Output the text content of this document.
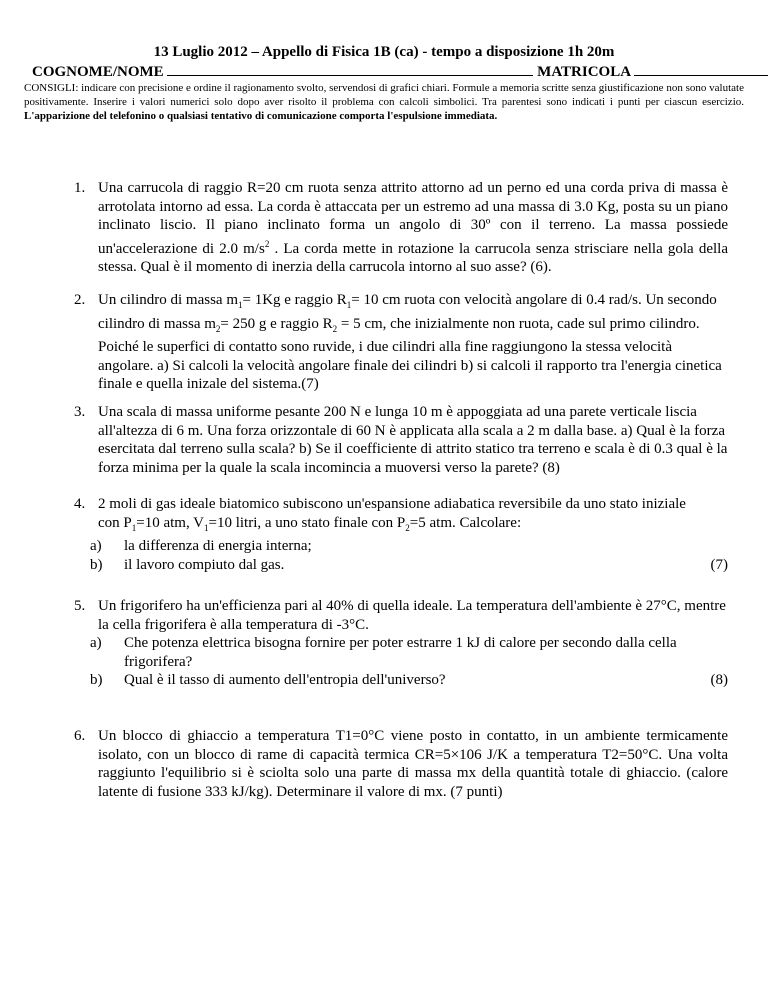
13 Luglio 2012 – Appello di Fisica 1B (ca) - tempo a disposizione 1h 20m
COGNOME/NOME	MATRICOLA
CONSIGLI: indicare con precisione e ordine il ragionamento svolto, servendosi di grafici chiari. Formule a memoria scritte senza giustificazione non sono valutate positivamente. Inserire i valori numerici solo dopo aver risolto il problema con calcoli simbolici. Tra parentesi sono indicati i punti per ciascun esercizio. L'apparizione del telefonino o qualsiasi tentativo di comunicazione comporta l'espulsione immediata.
1. Una carrucola di raggio R=20 cm ruota senza attrito attorno ad un perno ed una corda priva di massa è arrotolata intorno ad essa. La corda è attaccata per un estremo ad una massa di 3.0 Kg, posta su un piano inclinato liscio. Il piano inclinato forma un angolo di 30º con il terreno. La massa possiede un'accelerazione di 2.0 $m/s^2$ . La corda mette in rotazione la carrucola senza strisciare nella gola della stessa. Qual è il momento di inerzia della carrucola intorno al suo asse? (6).
2. Un cilindro di massa $m_1= 1Kg$ e raggio $R_1= 10$ cm ruota con velocità angolare di 0.4 rad/s. Un secondo cilindro di massa $m_2= 250$ g e raggio $R_2 = 5$ cm, che inizialmente non ruota, cade sul primo cilindro. Poiché le superfici di contatto sono ruvide, i due cilindri alla fine raggiungono la stessa velocità angolare. a) Si calcoli la velocità angolare finale dei cilindri b) si calcoli il rapporto tra l'energia cinetica finale e quella inizale del sistema.(7)
3. Una scala di massa uniforme pesante 200 N e lunga 10 m è appoggiata ad una parete verticale liscia all'altezza di 6 m. Una forza orizzontale di 60 N è applicata alla scala a 2 m dalla base. a) Qual è la forza esercitata dal terreno sulla scala? b) Se il coefficiente di attrito statico tra terreno e scala è di 0.3 qual è la forza minima per la quale la scala incomincia a muoversi verso la parete? (8)
4. 2 moli di gas ideale biatomico subiscono un'espansione adiabatica reversibile da uno stato iniziale
con $P_1=10$ atm, $V_1=10$ litri, a uno stato finale con $P_2=5$ atm. Calcolare:
a) la differenza di energia interna;
b) il lavoro compiuto dal gas.	(7)
5. Un frigorifero ha un'efficienza pari al 40% di quella ideale. La temperatura dell'ambiente è 27°C, mentre la cella frigorifera è alla temperatura di -3°C.
a) Che potenza elettrica bisogna fornire per poter estrarre 1 kJ di calore per secondo dalla cella frigorifera?
b) Qual è il tasso di aumento dell'entropia dell'universo?	(8)
6. Un blocco di ghiaccio a temperatura T1=0°C viene posto in contatto, in un ambiente termicamente isolato, con un blocco di rame di capacità termica CR=5×106 J/K a temperatura T2=50°C. Una volta raggiunto l'equilibrio si è sciolta solo una parte di massa mx della quantità totale di ghiaccio. (calore latente di fusione 333 kJ/kg). Determinare il valore di mx. (7 punti)
